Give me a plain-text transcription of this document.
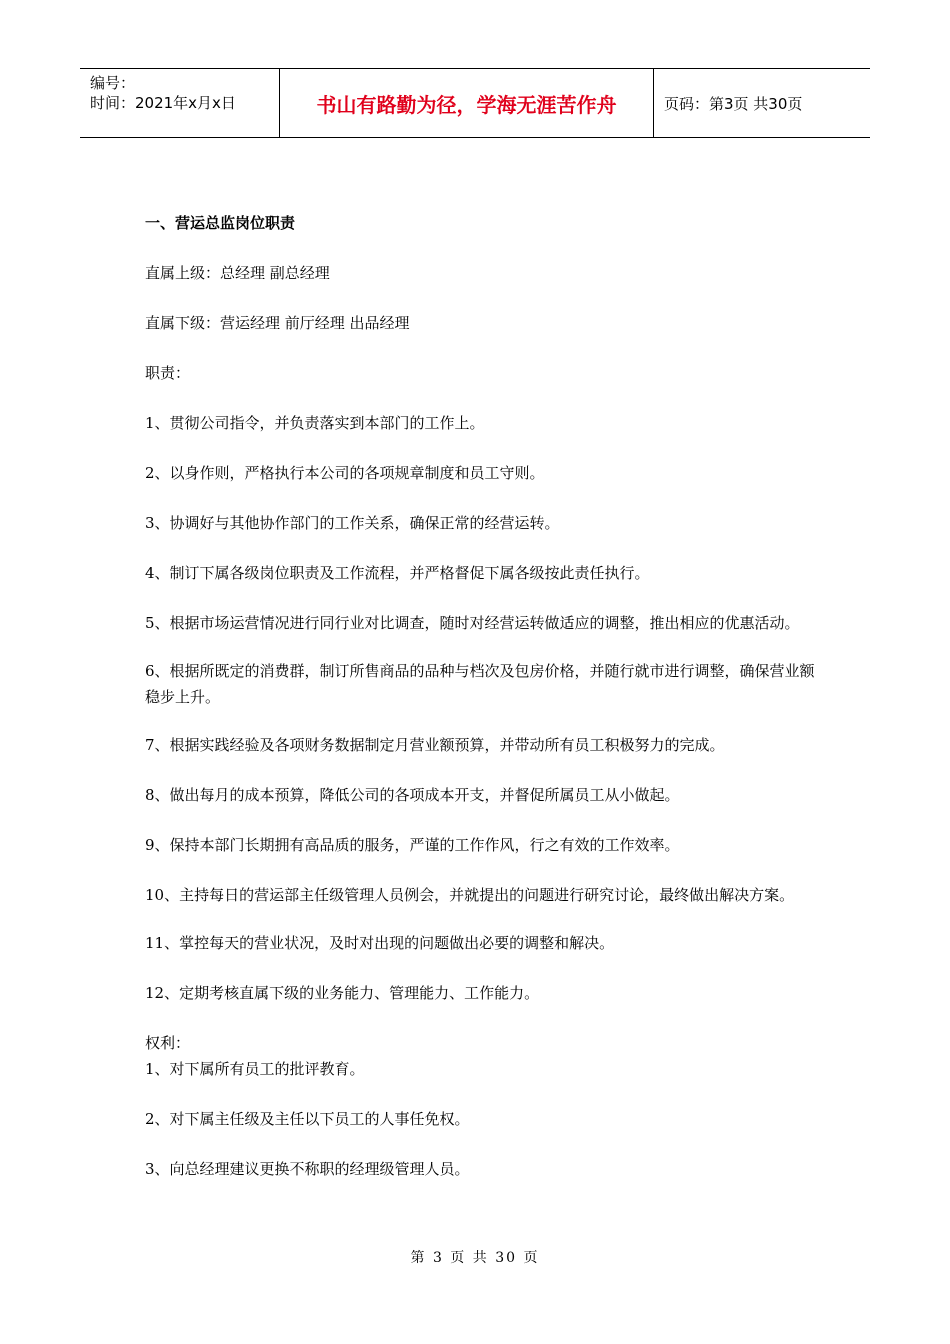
编号：
时间：2021年x月x日	书山有路勤为径，学海无涯苦作舟	页码：第3页 共30页

一、营运总监岗位职责

直属上级：总经理 副总经理

直属下级：营运经理 前厅经理 出品经理

职责：

1、贯彻公司指令，并负责落实到本部门的工作上。

2、以身作则，严格执行本公司的各项规章制度和员工守则。

3、协调好与其他协作部门的工作关系，确保正常的经营运转。

4、制订下属各级岗位职责及工作流程，并严格督促下属各级按此责任执行。

5、根据市场运营情况进行同行业对比调查，随时对经营运转做适应的调整，推出相应的优惠活动。

6、根据所既定的消费群，制订所售商品的品种与档次及包房价格，并随行就市进行调整，确保营业额稳步上升。

7、根据实践经验及各项财务数据制定月营业额预算，并带动所有员工积极努力的完成。

8、做出每月的成本预算，降低公司的各项成本开支，并督促所属员工从小做起。

9、保持本部门长期拥有高品质的服务，严谨的工作作风，行之有效的工作效率。

10、主持每日的营运部主任级管理人员例会，并就提出的问题进行研究讨论，最终做出解决方案。

11、掌控每天的营业状况，及时对出现的问题做出必要的调整和解决。

12、定期考核直属下级的业务能力、管理能力、工作能力。

权利：

1、对下属所有员工的批评教育。

2、对下属主任级及主任以下员工的人事任免权。

3、向总经理建议更换不称职的经理级管理人员。

第 3 页 共 30 页
